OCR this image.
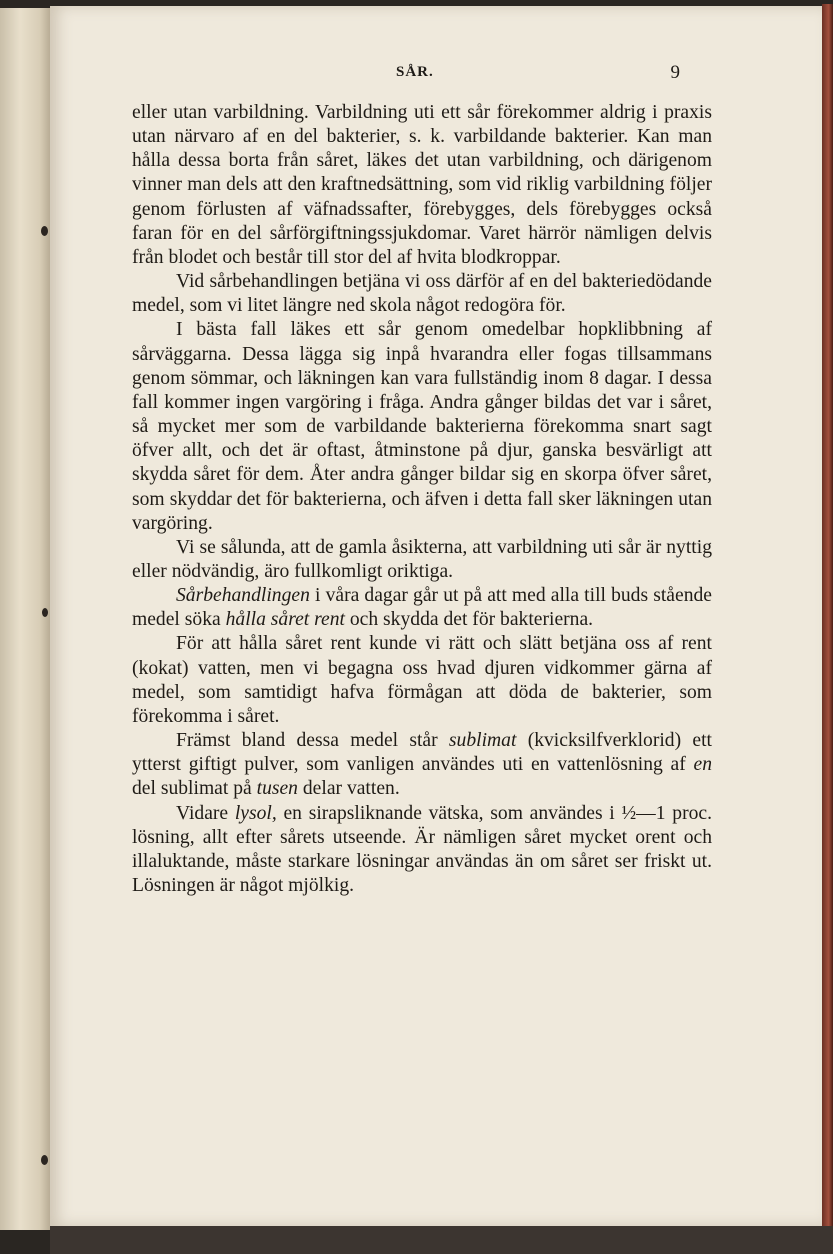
SÅR.	9

eller utan varbildning. Varbildning uti ett sår förekommer aldrig i praxis utan närvaro af en del bakterier, s. k. varbildande bakterier. Kan man hålla dessa borta från såret, läkes det utan varbildning, och därigenom vinner man dels att den kraftnedsättning, som vid riklig varbildning följer genom förlusten af väfnadssafter, förebygges, dels förebygges också faran för en del sårförgiftningssjukdomar. Varet härrör nämligen delvis från blodet och består till stor del af hvita blodkroppar.

Vid sårbehandlingen betjäna vi oss därför af en del bakteriedödande medel, som vi litet längre ned skola något redogöra för.

I bästa fall läkes ett sår genom omedelbar hopklibbning af sårväggarna. Dessa lägga sig inpå hvarandra eller fogas tillsammans genom sömmar, och läkningen kan vara fullständig inom 8 dagar. I dessa fall kommer ingen vargöring i fråga. Andra gånger bildas det var i såret, så mycket mer som de varbildande bakterierna förekomma snart sagt öfver allt, och det är oftast, åtminstone på djur, ganska besvärligt att skydda såret för dem. Åter andra gånger bildar sig en skorpa öfver såret, som skyddar det för bakterierna, och äfven i detta fall sker läkningen utan vargöring.

Vi se sålunda, att de gamla åsikterna, att varbildning uti sår är nyttig eller nödvändig, äro fullkomligt oriktiga.

Sårbehandlingen i våra dagar går ut på att med alla till buds stående medel söka hålla såret rent och skydda det för bakterierna.

För att hålla såret rent kunde vi rätt och slätt betjäna oss af rent (kokat) vatten, men vi begagna oss hvad djuren vidkommer gärna af medel, som samtidigt hafva förmågan att döda de bakterier, som förekomma i såret.

Främst bland dessa medel står sublimat (kvicksilfverklorid) ett ytterst giftigt pulver, som vanligen användes uti en vattenlösning af en del sublimat på tusen delar vatten.

Vidare lysol, en sirapsliknande vätska, som användes i ½—1 proc. lösning, allt efter sårets utseende. Är nämligen såret mycket orent och illaluktande, måste starkare lösningar användas än om såret ser friskt ut. Lösningen är något mjölkig.
